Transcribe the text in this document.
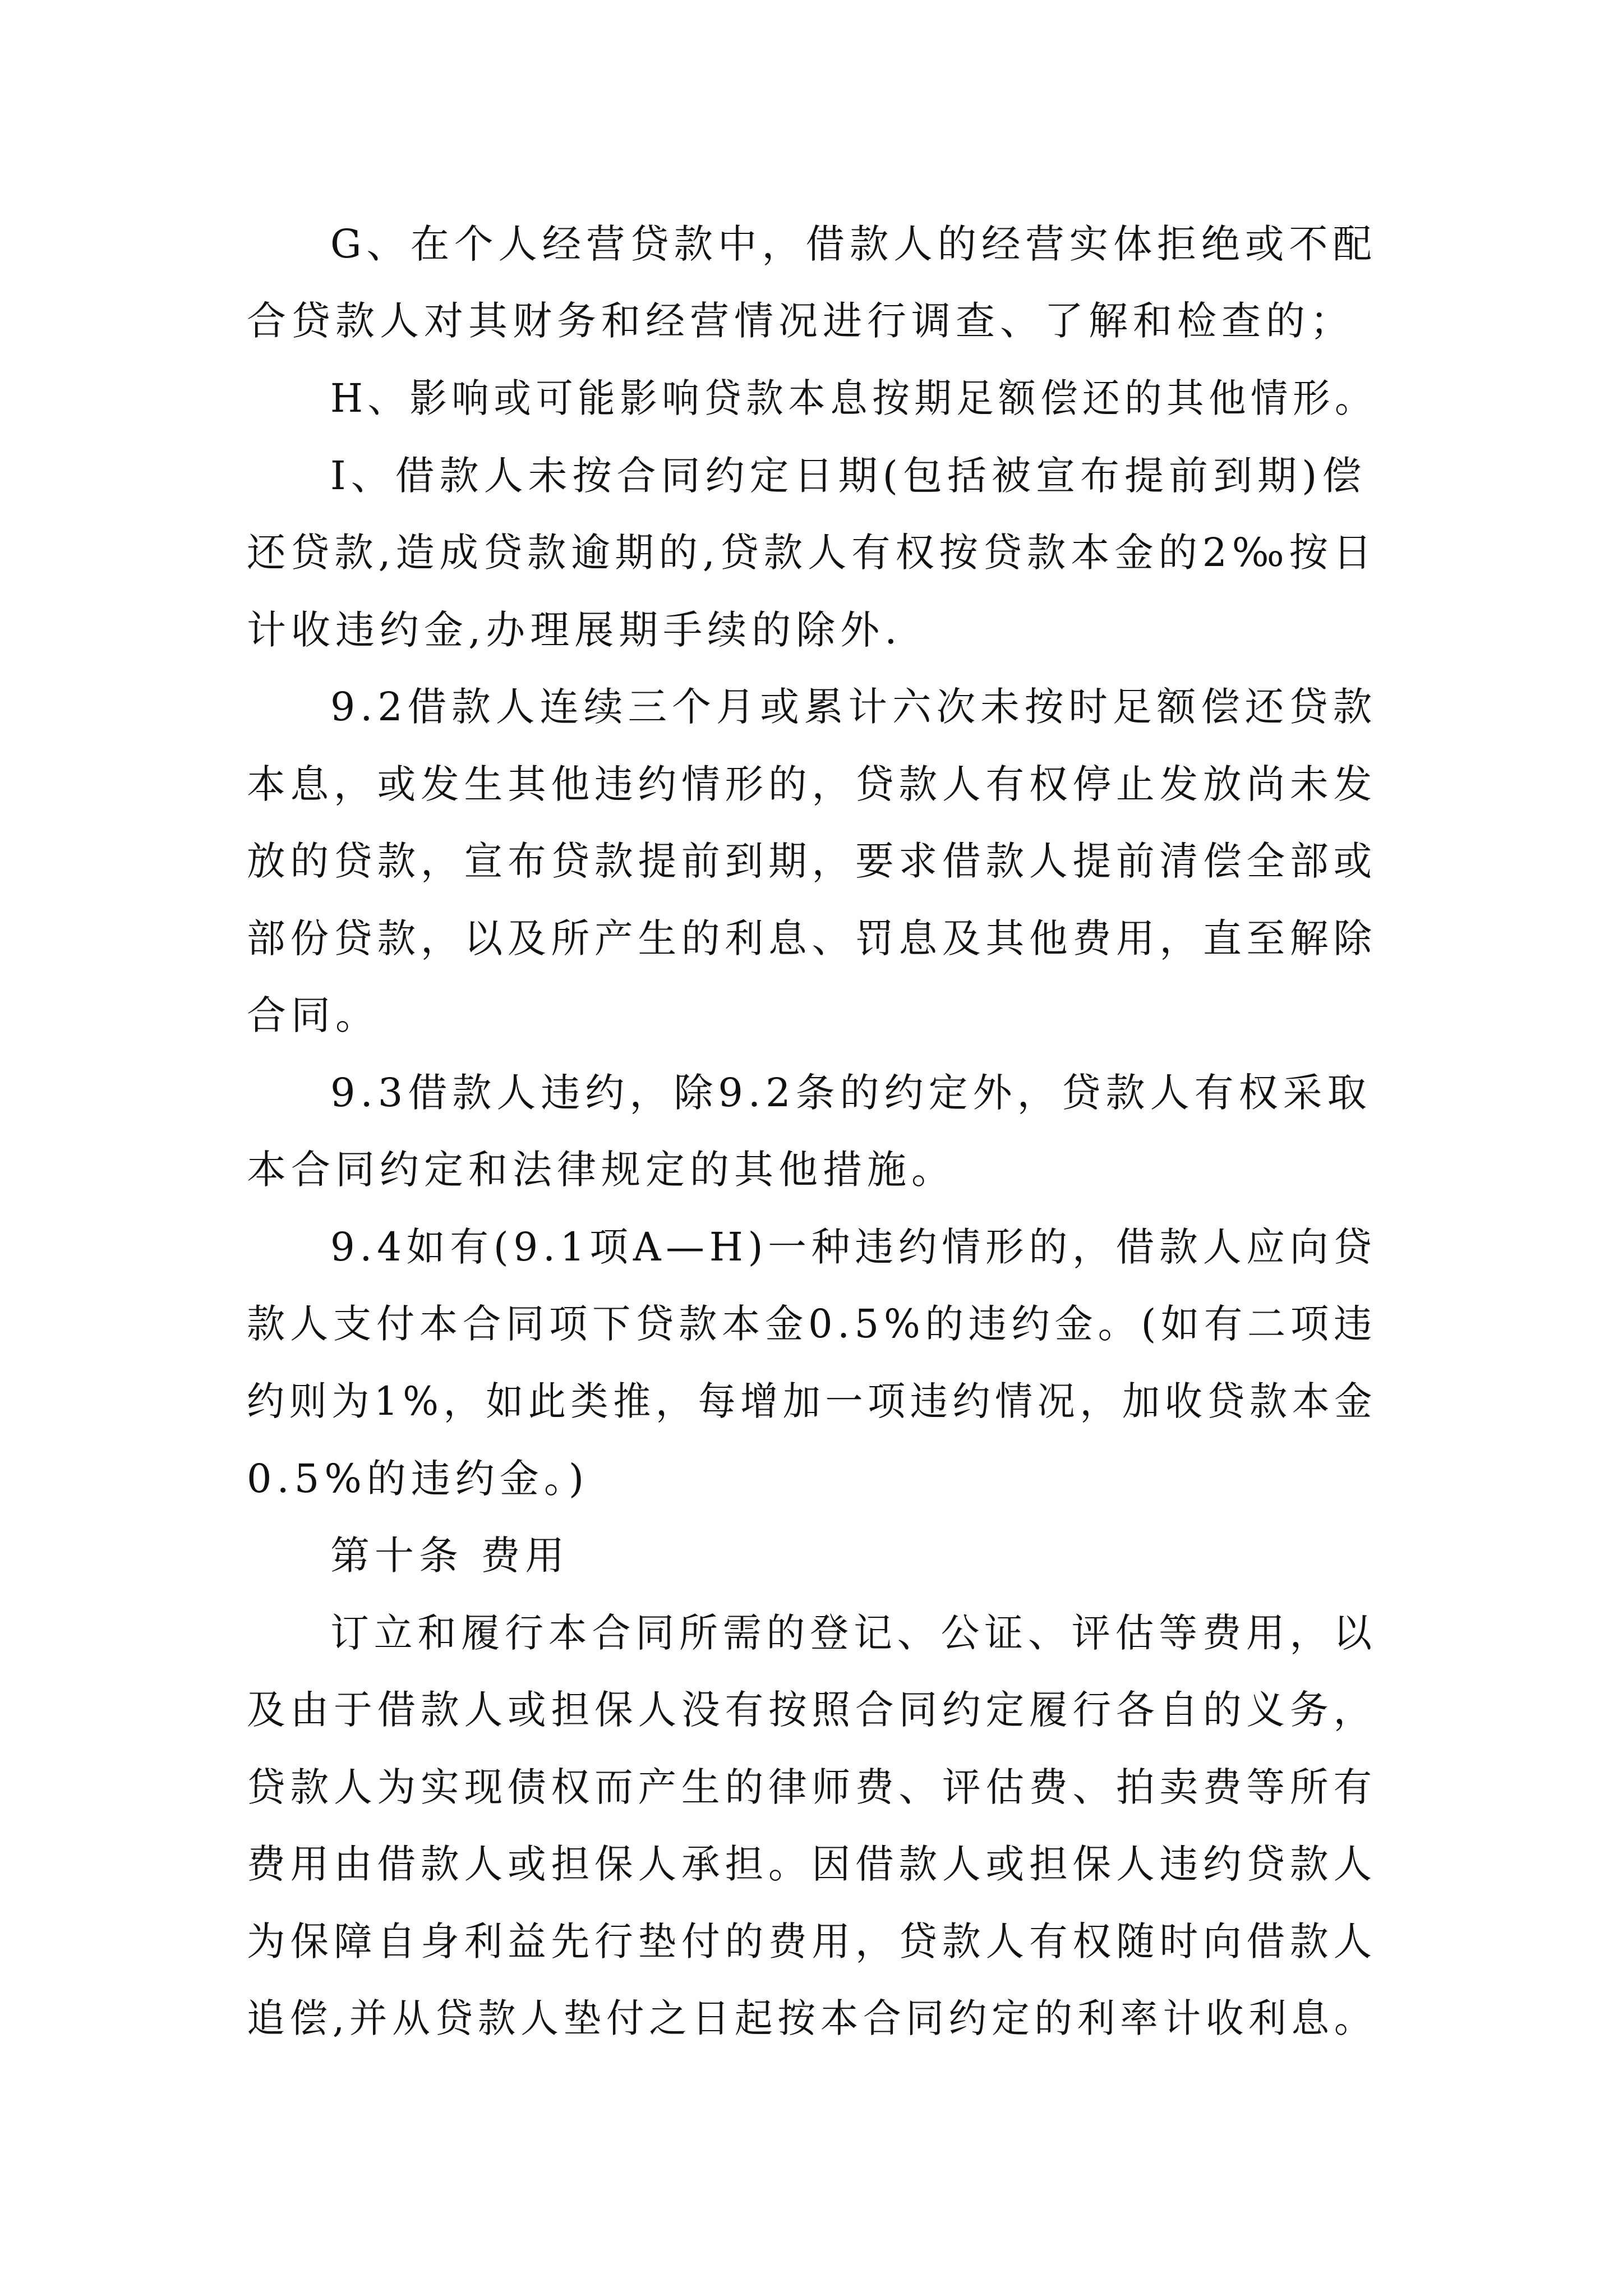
G、在个人经营贷款中，借款人的经营实体拒绝或不配
合贷款人对其财务和经营情况进行调查、了解和检查的；
H、影响或可能影响贷款本息按期足额偿还的其他情形。
Ⅰ、借款人未按合同约定日期(包括被宣布提前到期)偿
还贷款,造成贷款逾期的,贷款人有权按贷款本金的2‰按日
计收违约金,办理展期手续的除外.
9.2借款人连续三个月或累计六次未按时足额偿还贷款
本息，或发生其他违约情形的，贷款人有权停止发放尚未发
放的贷款，宣布贷款提前到期，要求借款人提前清偿全部或
部份贷款，以及所产生的利息、罚息及其他费用，直至解除
合同。
9.3借款人违约，除9.2条的约定外，贷款人有权采取
本合同约定和法律规定的其他措施。
9.4如有(9.1项A—H)一种违约情形的，借款人应向贷
款人支付本合同项下贷款本金0.5%的违约金。(如有二项违
约则为1%，如此类推，每增加一项违约情况，加收贷款本金
0.5%的违约金。)
第十条 费用
订立和履行本合同所需的登记、公证、评估等费用，以
及由于借款人或担保人没有按照合同约定履行各自的义务，
贷款人为实现债权而产生的律师费、评估费、拍卖费等所有
费用由借款人或担保人承担。因借款人或担保人违约贷款人
为保障自身利益先行垫付的费用，贷款人有权随时向借款人
追偿,并从贷款人垫付之日起按本合同约定的利率计收利息。
